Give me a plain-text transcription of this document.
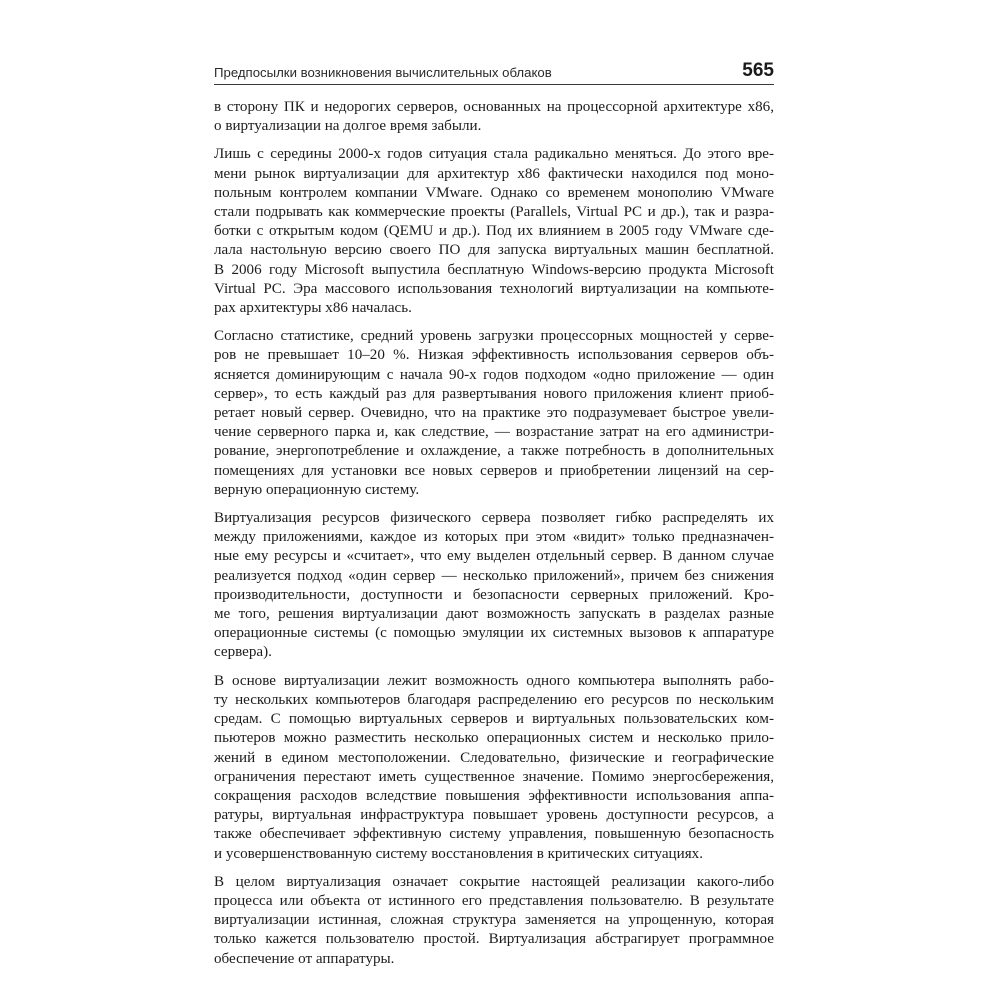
Предпосылки возникновения вычислительных облаков	565

в сторону ПК и недорогих серверов, основанных на процессорной архитектуре x86,
о виртуализации на долгое время забыли.

Лишь с середины 2000-х годов ситуация стала радикально меняться. До этого вре-
мени рынок виртуализации для архитектур x86 фактически находился под моно-
польным контролем компании VMware. Однако со временем монополию VMware
стали подрывать как коммерческие проекты (Parallels, Virtual PC и др.), так и разра-
ботки с открытым кодом (QEMU и др.). Под их влиянием в 2005 году VMware сде-
лала настольную версию своего ПО для запуска виртуальных машин бесплатной.
В 2006 году Microsoft выпустила бесплатную Windows-версию продукта Microsoft
Virtual PC. Эра массового использования технологий виртуализации на компьюте-
рах архитектуры x86 началась.

Согласно статистике, средний уровень загрузки процессорных мощностей у серве-
ров не превышает 10–20 %. Низкая эффективность использования серверов объ-
ясняется доминирующим с начала 90-х годов подходом «одно приложение — один
сервер», то есть каждый раз для развертывания нового приложения клиент приоб-
ретает новый сервер. Очевидно, что на практике это подразумевает быстрое увели-
чение серверного парка и, как следствие, — возрастание затрат на его администри-
рование, энергопотребление и охлаждение, а также потребность в дополнительных
помещениях для установки все новых серверов и приобретении лицензий на сер-
верную операционную систему.

Виртуализация ресурсов физического сервера позволяет гибко распределять их
между приложениями, каждое из которых при этом «видит» только предназначен-
ные ему ресурсы и «считает», что ему выделен отдельный сервер. В данном случае
реализуется подход «один сервер — несколько приложений», причем без снижения
производительности, доступности и безопасности серверных приложений. Кро-
ме того, решения виртуализации дают возможность запускать в разделах разные
операционные системы (с помощью эмуляции их системных вызовов к аппаратуре
сервера).

В основе виртуализации лежит возможность одного компьютера выполнять рабо-
ту нескольких компьютеров благодаря распределению его ресурсов по нескольким
средам. С помощью виртуальных серверов и виртуальных пользовательских ком-
пьютеров можно разместить несколько операционных систем и несколько прило-
жений в едином местоположении. Следовательно, физические и географические
ограничения перестают иметь существенное значение. Помимо энергосбережения,
сокращения расходов вследствие повышения эффективности использования аппа-
ратуры, виртуальная инфраструктура повышает уровень доступности ресурсов, а
также обеспечивает эффективную систему управления, повышенную безопасность
и усовершенствованную систему восстановления в критических ситуациях.

В целом виртуализация означает сокрытие настоящей реализации какого-либо
процесса или объекта от истинного его представления пользователю. В результате
виртуализации истинная, сложная структура заменяется на упрощенную, которая
только кажется пользователю простой. Виртуализация абстрагирует программное
обеспечение от аппаратуры.
